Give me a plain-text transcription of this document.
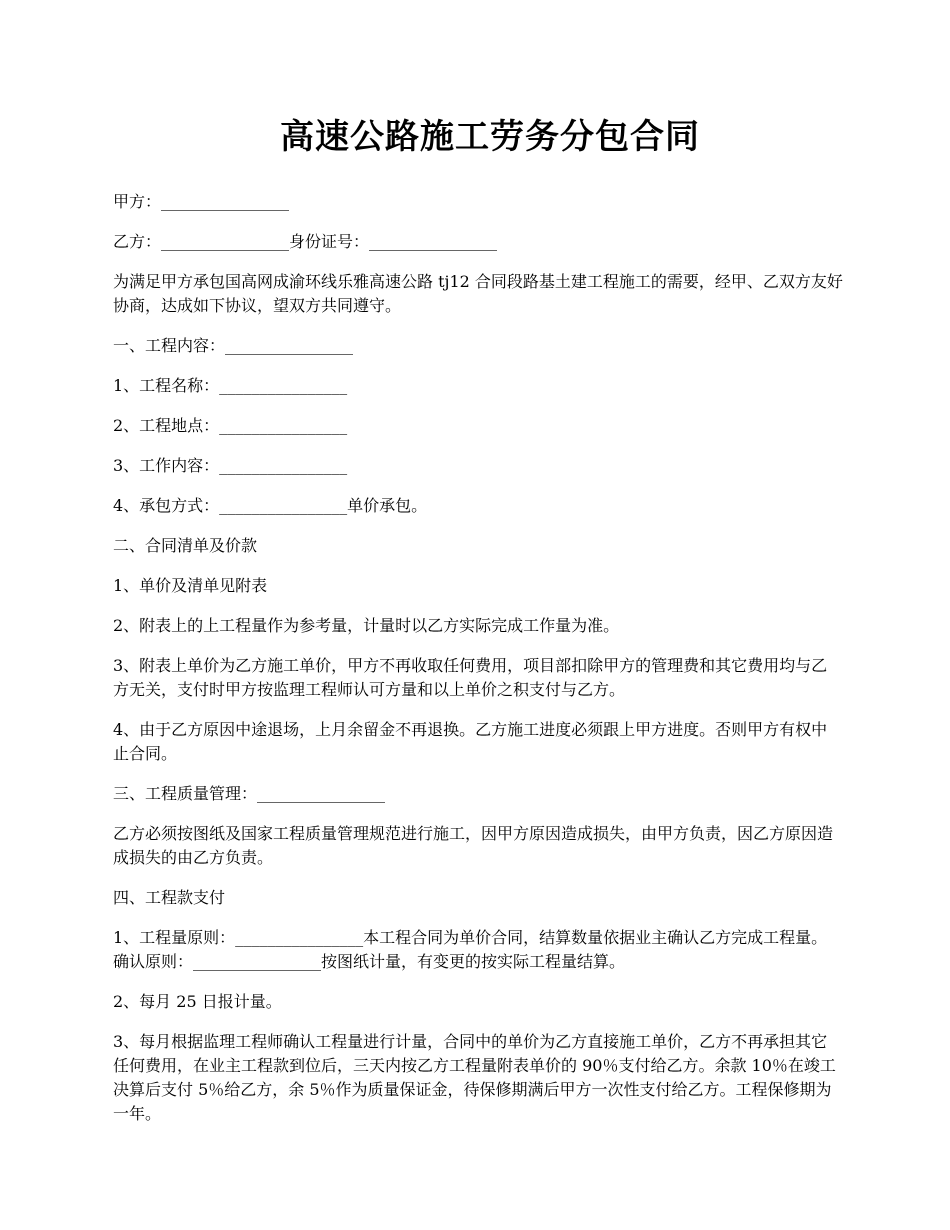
高速公路施工劳务分包合同

甲方：________________

乙方：________________身份证号：________________

为满足甲方承包国高网成渝环线乐雅高速公路 tj12 合同段路基土建工程施工的需要，经甲、乙双方友好协商，达成如下协议，望双方共同遵守。

一、工程内容：________________

1、工程名称：________________

2、工程地点：________________

3、工作内容：________________

4、承包方式：________________单价承包。

二、合同清单及价款

1、单价及清单见附表

2、附表上的上工程量作为参考量，计量时以乙方实际完成工作量为准。

3、附表上单价为乙方施工单价，甲方不再收取任何费用，项目部扣除甲方的管理费和其它费用均与乙方无关，支付时甲方按监理工程师认可方量和以上单价之积支付与乙方。

4、由于乙方原因中途退场，上月余留金不再退换。乙方施工进度必须跟上甲方进度。否则甲方有权中止合同。

三、工程质量管理：________________

乙方必须按图纸及国家工程质量管理规范进行施工，因甲方原因造成损失，由甲方负责，因乙方原因造成损失的由乙方负责。

四、工程款支付

1、工程量原则：________________本工程合同为单价合同，结算数量依据业主确认乙方完成工程量。确认原则：________________按图纸计量，有变更的按实际工程量结算。

2、每月 25 日报计量。

3、每月根据监理工程师确认工程量进行计量，合同中的单价为乙方直接施工单价，乙方不再承担其它任何费用，在业主工程款到位后，三天内按乙方工程量附表单价的 90％支付给乙方。余款 10％在竣工决算后支付 5％给乙方，余 5％作为质量保证金，待保修期满后甲方一次性支付给乙方。工程保修期为一年。
